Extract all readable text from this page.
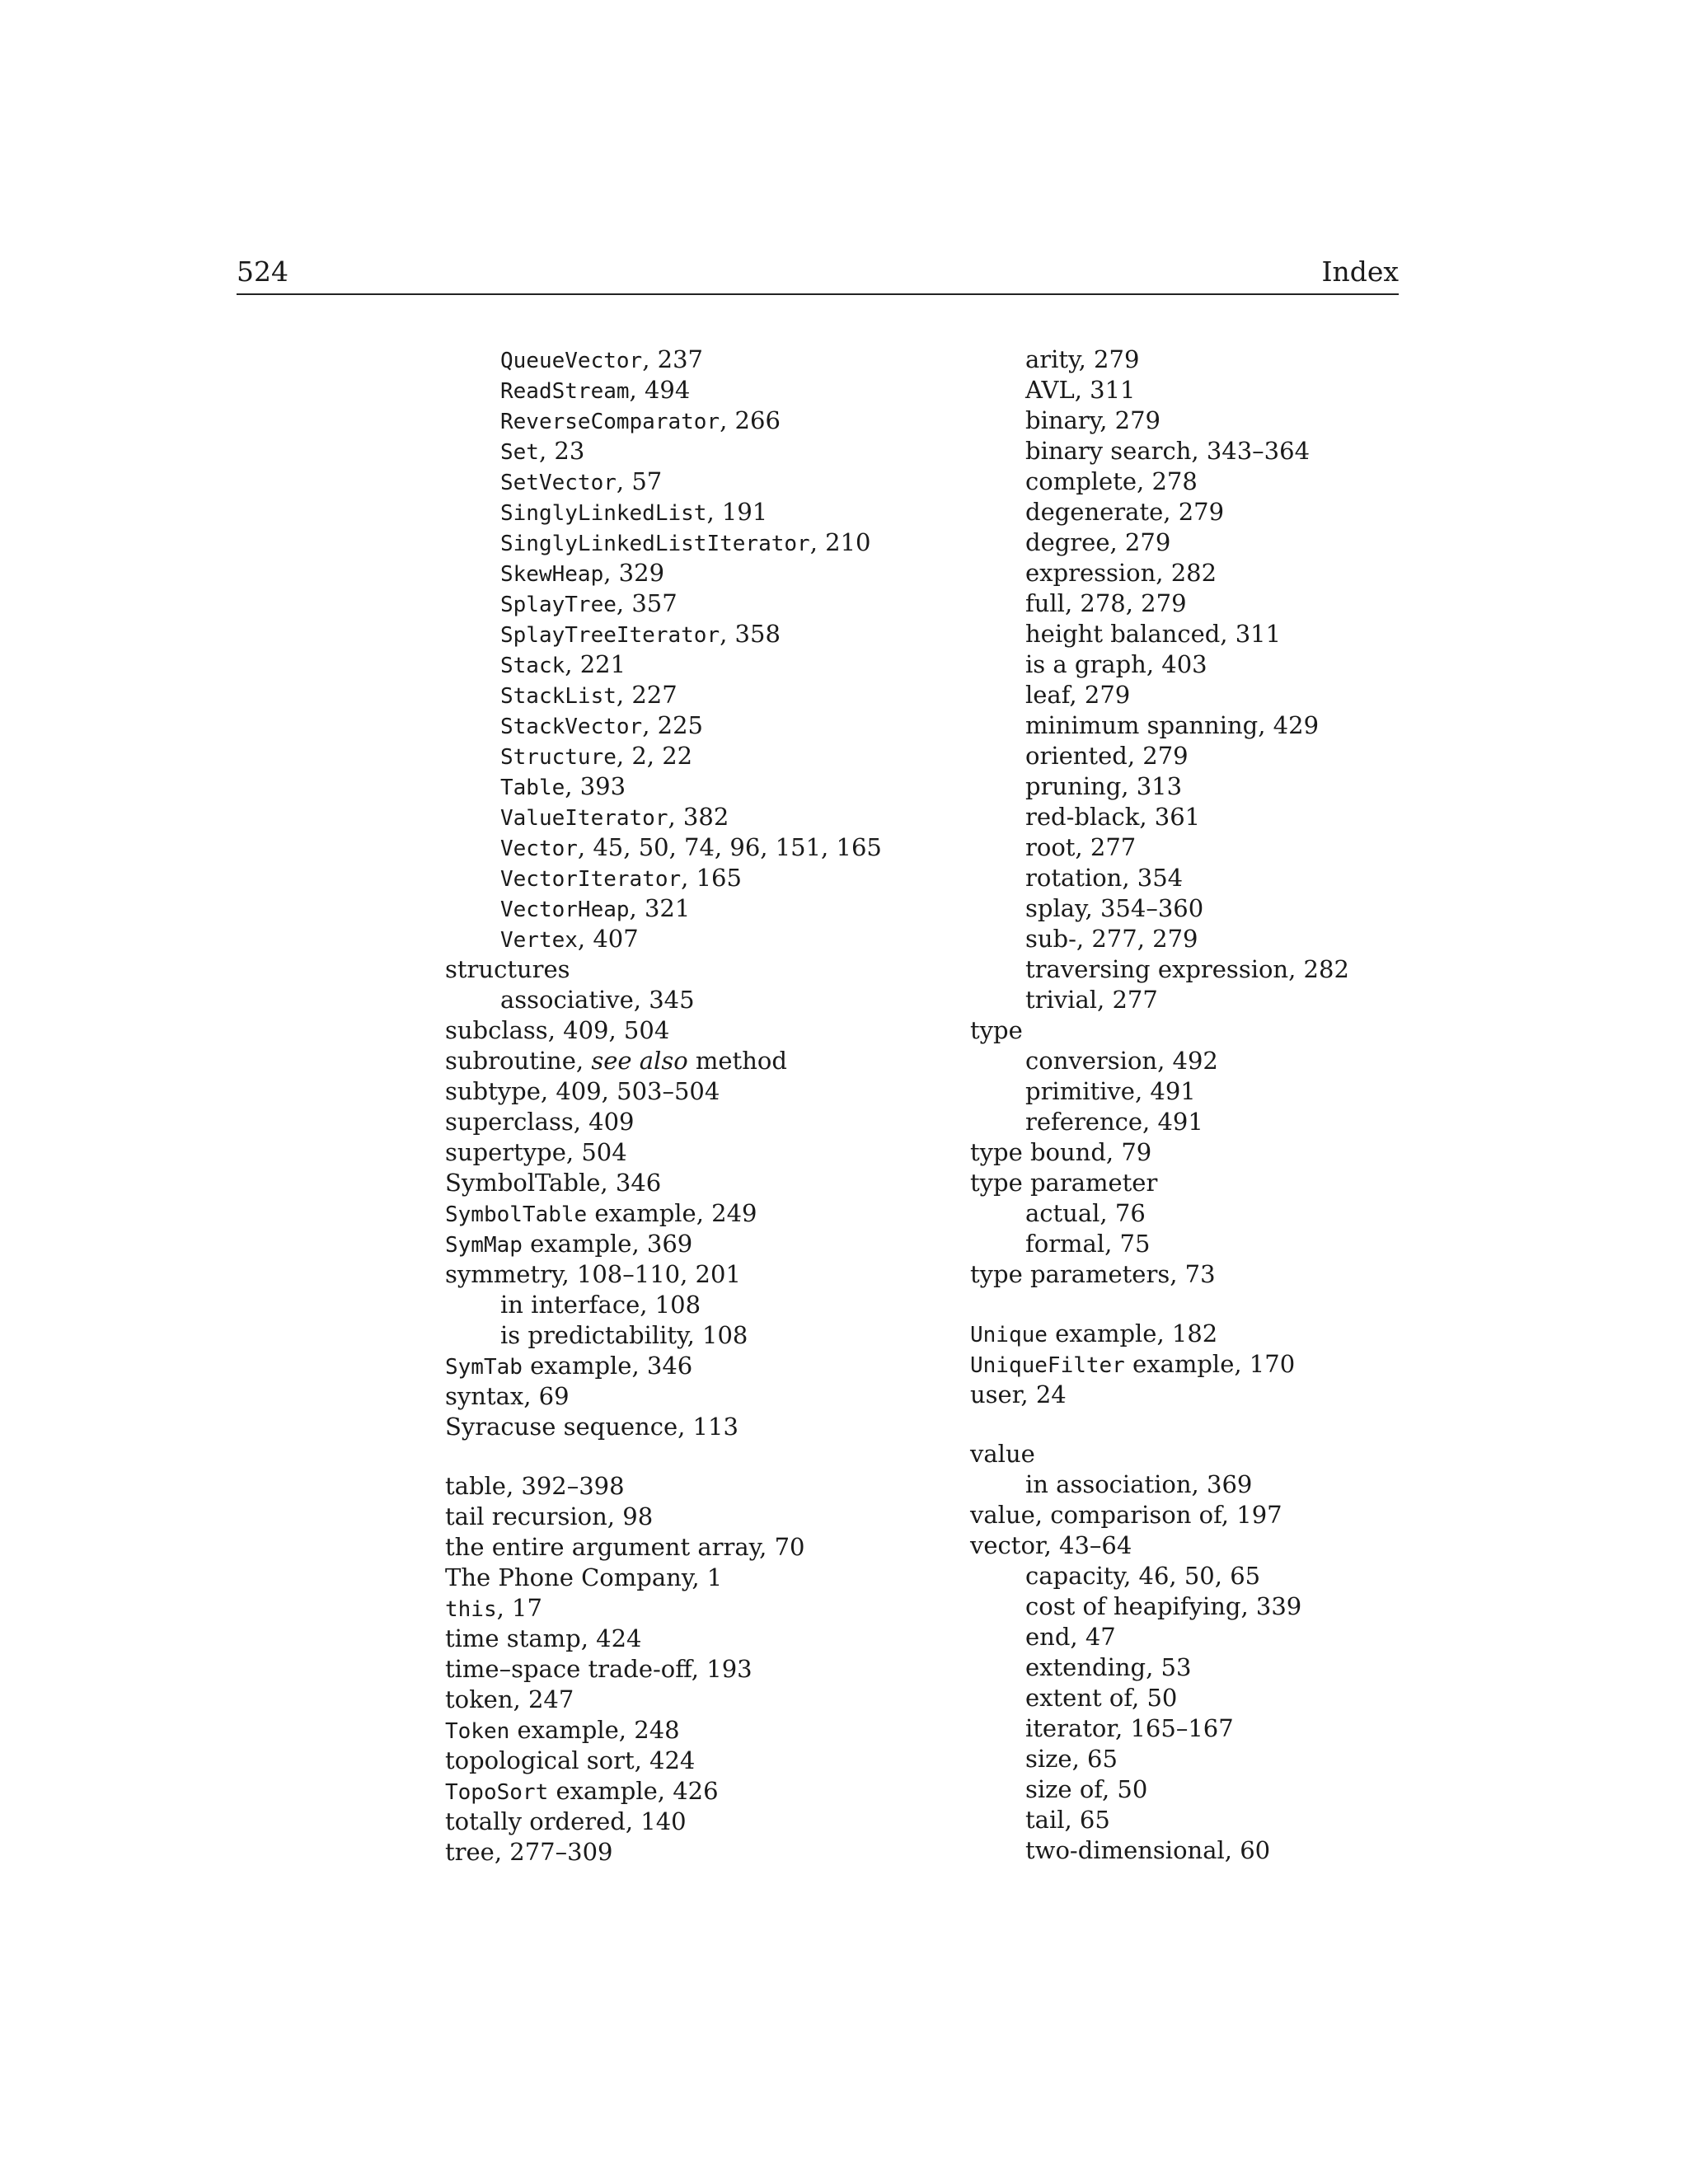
524	Index
QueueVector, 237
ReadStream, 494
ReverseComparator, 266
Set, 23
SetVector, 57
SinglyLinkedList, 191
SinglyLinkedListIterator, 210
SkewHeap, 329
SplayTree, 357
SplayTreeIterator, 358
Stack, 221
StackList, 227
StackVector, 225
Structure, 2, 22
Table, 393
ValueIterator, 382
Vector, 45, 50, 74, 96, 151, 165
VectorIterator, 165
VectorHeap, 321
Vertex, 407
structures
associative, 345
subclass, 409, 504
subroutine, see also method
subtype, 409, 503–504
superclass, 409
supertype, 504
SymbolTable, 346
SymbolTable example, 249
SymMap example, 369
symmetry, 108–110, 201
in interface, 108
is predictability, 108
SymTab example, 346
syntax, 69
Syracuse sequence, 113
table, 392–398
tail recursion, 98
the entire argument array, 70
The Phone Company, 1
this, 17
time stamp, 424
time–space trade-off, 193
token, 247
Token example, 248
topological sort, 424
TopoSort example, 426
totally ordered, 140
tree, 277–309
arity, 279
AVL, 311
binary, 279
binary search, 343–364
complete, 278
degenerate, 279
degree, 279
expression, 282
full, 278, 279
height balanced, 311
is a graph, 403
leaf, 279
minimum spanning, 429
oriented, 279
pruning, 313
red-black, 361
root, 277
rotation, 354
splay, 354–360
sub-, 277, 279
traversing expression, 282
trivial, 277
type
conversion, 492
primitive, 491
reference, 491
type bound, 79
type parameter
actual, 76
formal, 75
type parameters, 73
Unique example, 182
UniqueFilter example, 170
user, 24
value
in association, 369
value, comparison of, 197
vector, 43–64
capacity, 46, 50, 65
cost of heapifying, 339
end, 47
extending, 53
extent of, 50
iterator, 165–167
size, 65
size of, 50
tail, 65
two-dimensional, 60
